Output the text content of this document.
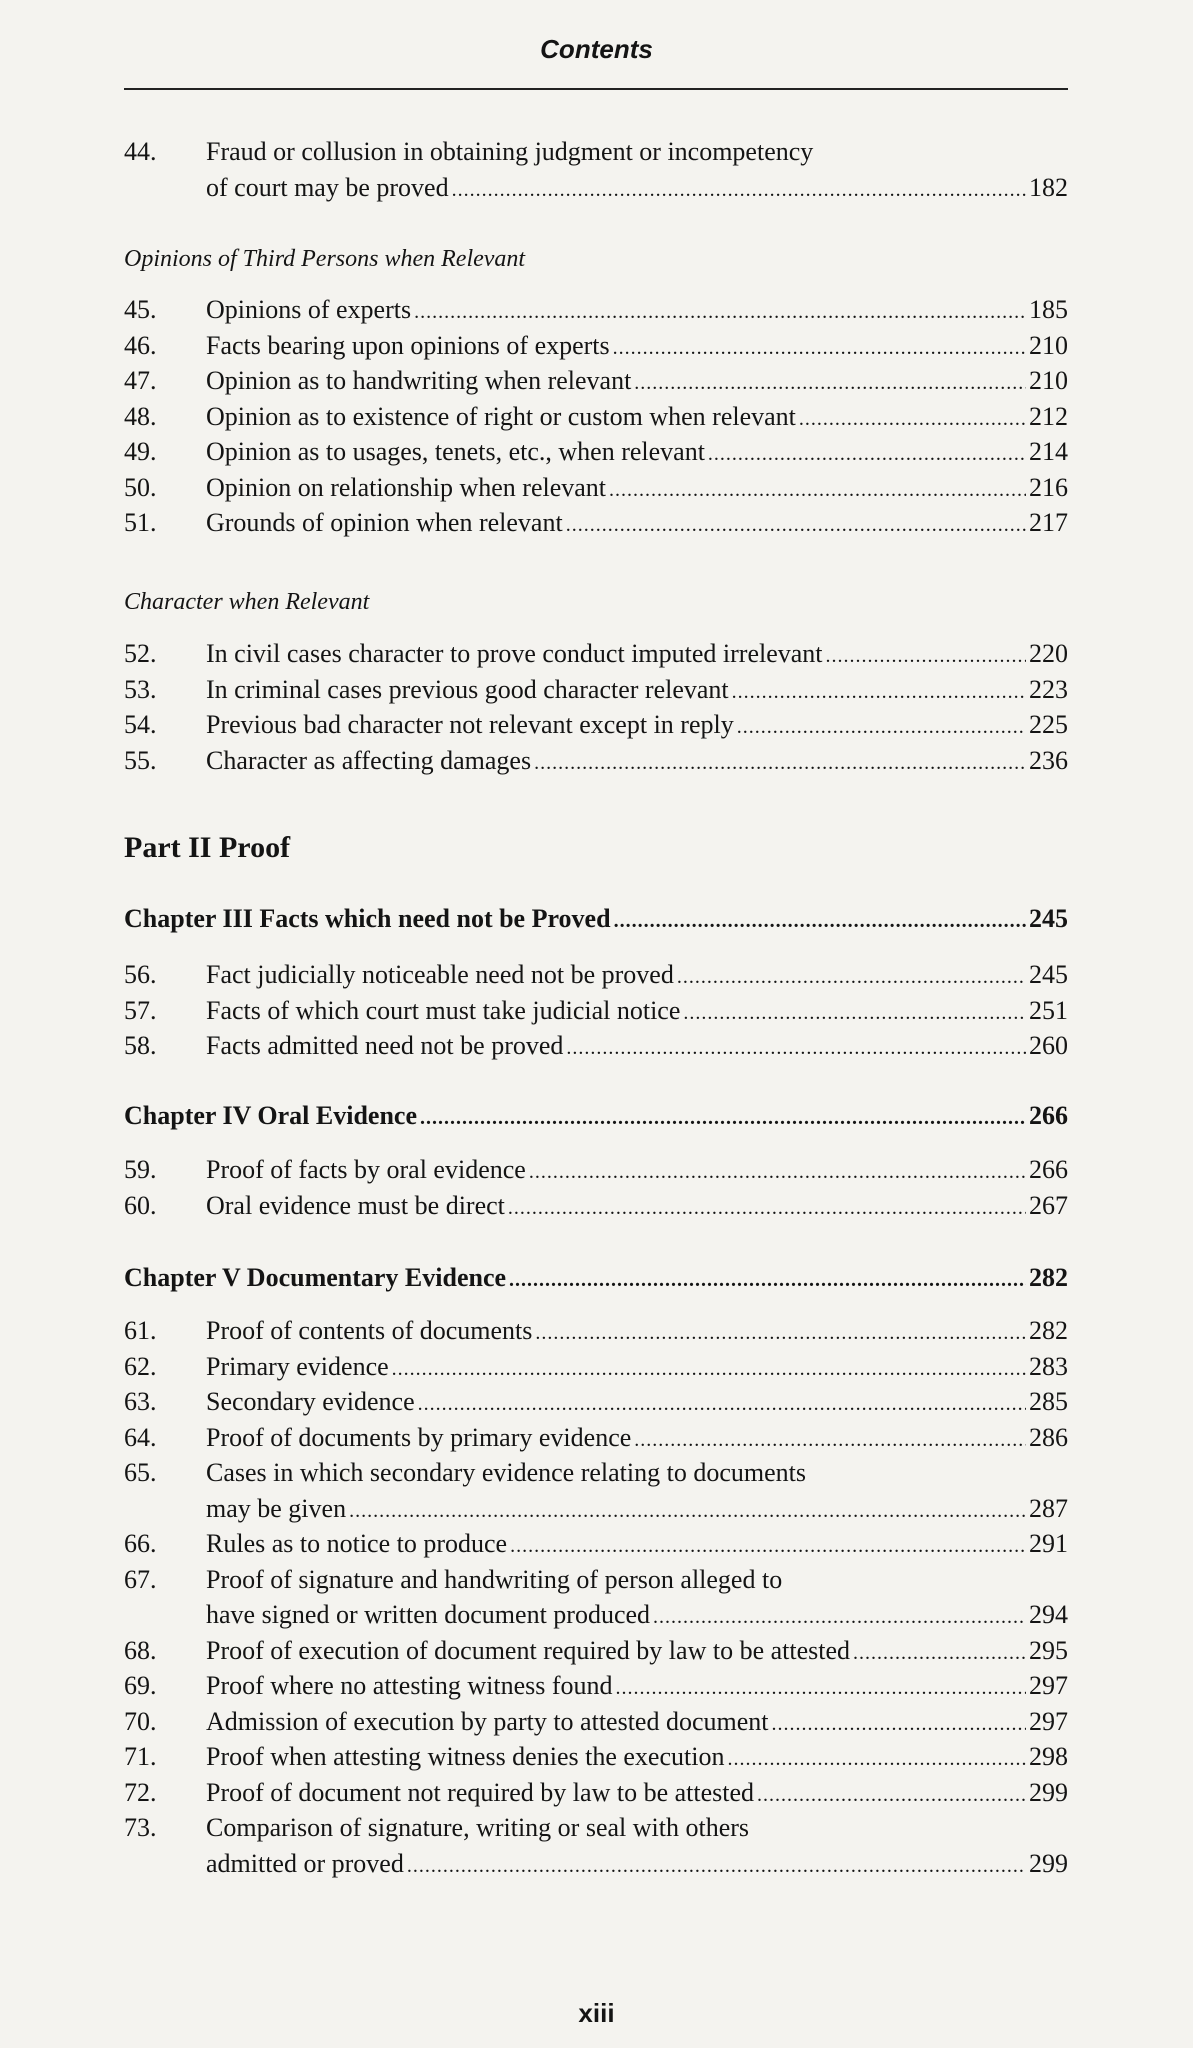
Contents
44.	Fraud or collusion in obtaining judgment or incompetency
of court may be proved .....	182
Opinions of Third Persons when Relevant
45.	Opinions of experts .....	185
46.	Facts bearing upon opinions of experts .....	210
47.	Opinion as to handwriting when relevant .....	210
48.	Opinion as to existence of right or custom when relevant .....	212
49.	Opinion as to usages, tenets, etc., when relevant .....	214
50.	Opinion on relationship when relevant .....	216
51.	Grounds of opinion when relevant .....	217
Character when Relevant
52.	In civil cases character to prove conduct imputed irrelevant .....	220
53.	In criminal cases previous good character relevant .....	223
54.	Previous bad character not relevant except in reply .....	225
55.	Character as affecting damages .....	236
Part II Proof
Chapter III Facts which need not be Proved .....	245
56.	Fact judicially noticeable need not be proved .....	245
57.	Facts of which court must take judicial notice .....	251
58.	Facts admitted need not be proved .....	260
Chapter IV Oral Evidence .....	266
59.	Proof of facts by oral evidence .....	266
60.	Oral evidence must be direct .....	267
Chapter V Documentary Evidence .....	282
61.	Proof of contents of documents .....	282
62.	Primary evidence .....	283
63.	Secondary evidence .....	285
64.	Proof of documents by primary evidence .....	286
65.	Cases in which secondary evidence relating to documents
may be given .....	287
66.	Rules as to notice to produce .....	291
67.	Proof of signature and handwriting of person alleged to
have signed or written document produced .....	294
68.	Proof of execution of document required by law to be attested .....	295
69.	Proof where no attesting witness found .....	297
70.	Admission of execution by party to attested document .....	297
71.	Proof when attesting witness denies the execution .....	298
72.	Proof of document not required by law to be attested .....	299
73.	Comparison of signature, writing or seal with others
admitted or proved .....	299
xiii
